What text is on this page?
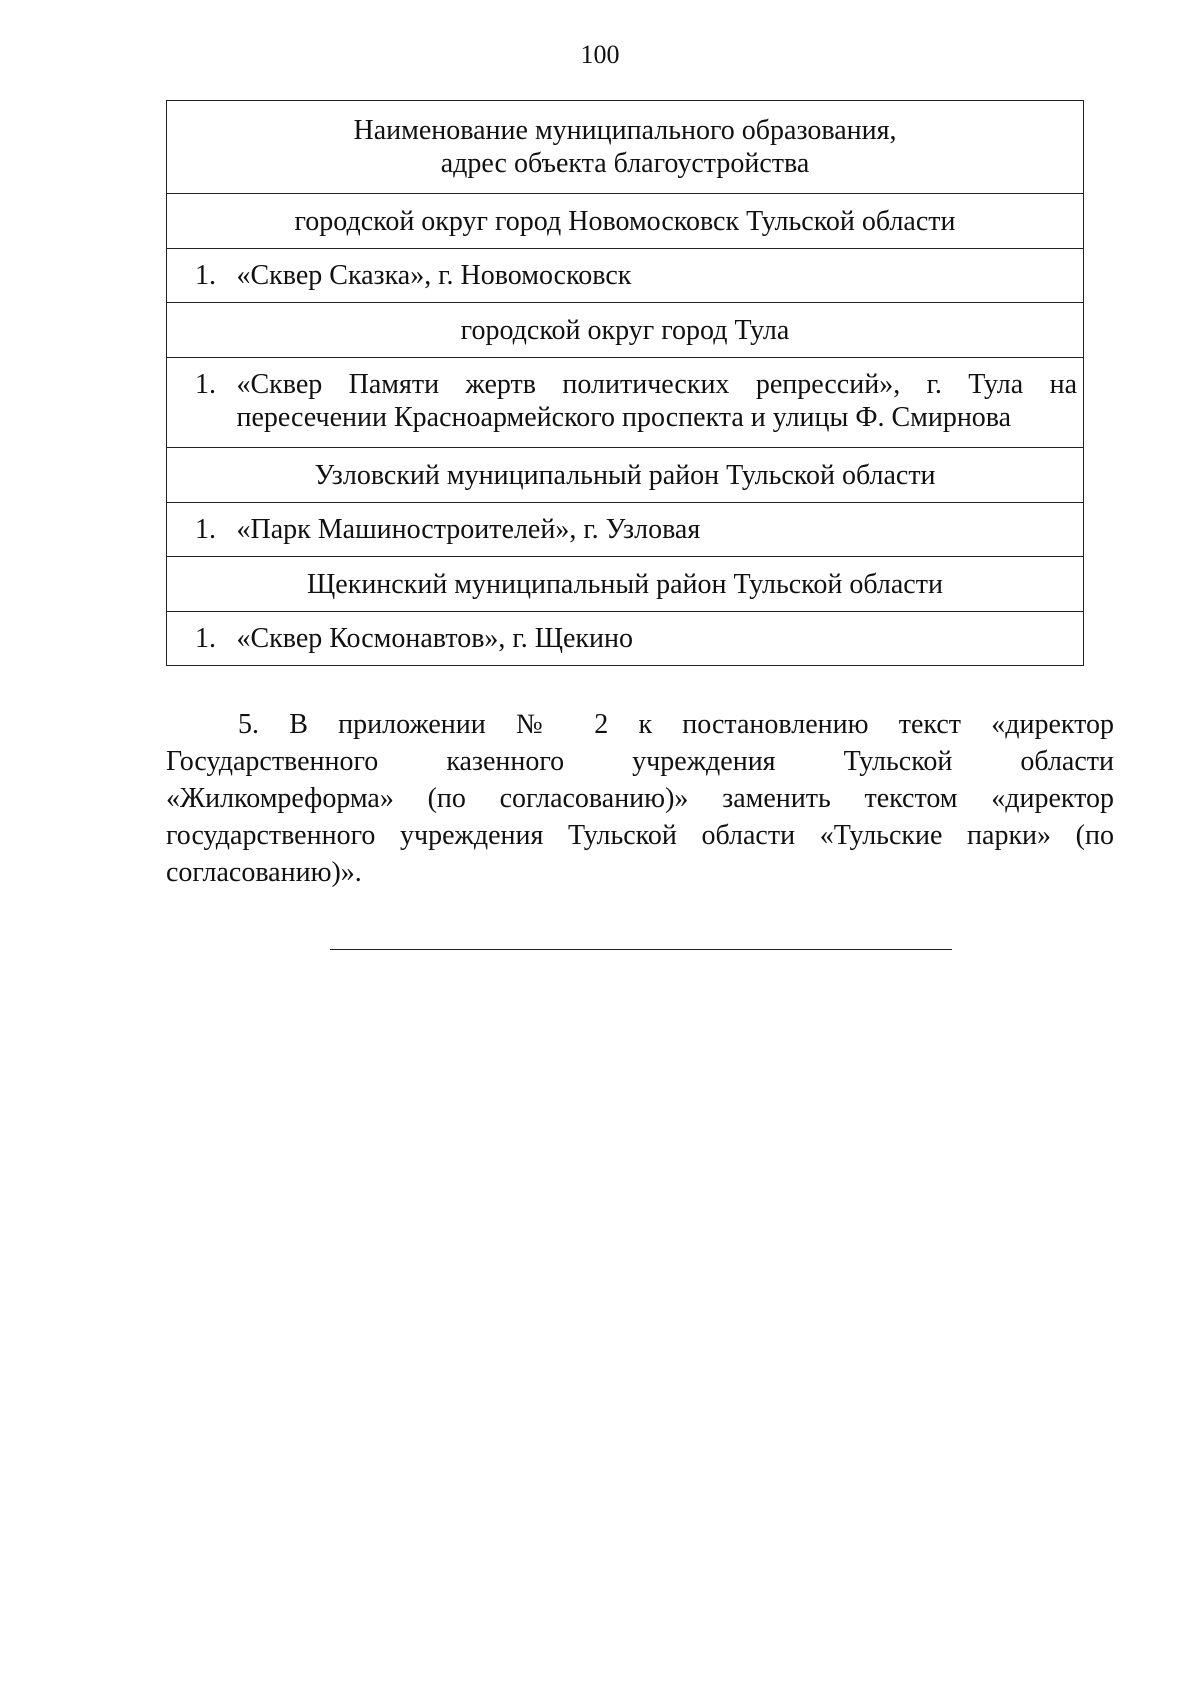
100
Наименование муниципального образования,
адрес объекта благоустройства	

городской округ город Новомосковск Тульской области	
1.	«Сквер Сказка», г. Новомосковск
городской округ город Тула	
1.	«Сквер Памяти жертв политических репрессий», г. Тула на пересечении Красноармейского проспекта и улицы Ф. Смирнова
Узловский муниципальный район Тульской области	
1.	«Парк Машиностроителей», г. Узловая
Щекинский муниципальный район Тульской области	
1.	«Сквер Космонавтов», г. Щекино

5. В приложении № 2 к постановлению текст «директор Государственного казенного учреждения Тульской области «Жилкомреформа» (по согласованию)» заменить текстом «директор государственного учреждения Тульской области «Тульские парки» (по согласованию)».
